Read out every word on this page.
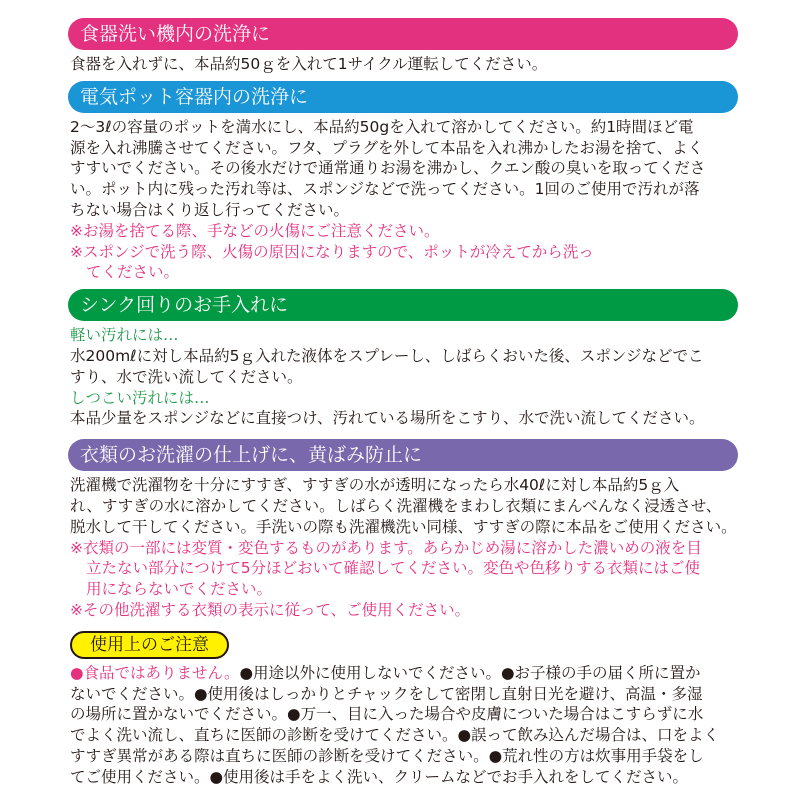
食器洗い機内の洗浄に
食器を入れずに、本品約50ｇを入れて1サイクル運転してください。
電気ポット容器内の洗浄に
2～3ℓの容量のポットを満水にし、本品約50gを入れて溶かしてください。約1時間ほど電
源を入れ沸騰させてください。フタ、プラグを外して本品を入れ沸かしたお湯を捨て、よく
すすいでください。その後水だけで通常通りお湯を沸かし、クエン酸の臭いを取ってくださ
い。ポット内に残った汚れ等は、スポンジなどで洗ってください。1回のご使用で汚れが落
ちない場合はくり返し行ってください。
※お湯を捨てる際、手などの火傷にご注意ください。
※スポンジで洗う際、火傷の原因になりますので、ポットが冷えてから洗っ
てください。
シンク回りのお手入れに
軽い汚れには…
水200mℓに対し本品約5ｇ入れた液体をスプレーし、しばらくおいた後、スポンジなどでこ
すり、水で洗い流してください。
しつこい汚れには…
本品少量をスポンジなどに直接つけ、汚れている場所をこすり、水で洗い流してください。
衣類のお洗濯の仕上げに、黄ばみ防止に
洗濯機で洗濯物を十分にすすぎ、すすぎの水が透明になったら水40ℓに対し本品約5ｇ入
れ、すすぎの水に溶かしてください。しばらく洗濯機をまわし衣類にまんべんなく浸透させ、
脱水して干してください。手洗いの際も洗濯機洗い同様、すすぎの際に本品をご使用ください。
※衣類の一部には変質・変色するものがあります。あらかじめ湯に溶かした濃いめの液を目
立たない部分につけて5分ほどおいて確認してください。変色や色移りする衣類にはご使
用にならないでください。
※その他洗濯する衣類の表示に従って、ご使用ください。
使用上のご注意
●食品ではありません。●用途以外に使用しないでください。●お子様の手の届く所に置か
ないでください。●使用後はしっかりとチャックをして密閉し直射日光を避け、高温・多湿
の場所に置かないでください。●万一、目に入った場合や皮膚についた場合はこすらずに水
でよく洗い流し、直ちに医師の診断を受けてください。●誤って飲み込んだ場合は、口をよく
すすぎ異常がある際は直ちに医師の診断を受けてください。●荒れ性の方は炊事用手袋をし
てご使用ください。●使用後は手をよく洗い、クリームなどでお手入れをしてください。
